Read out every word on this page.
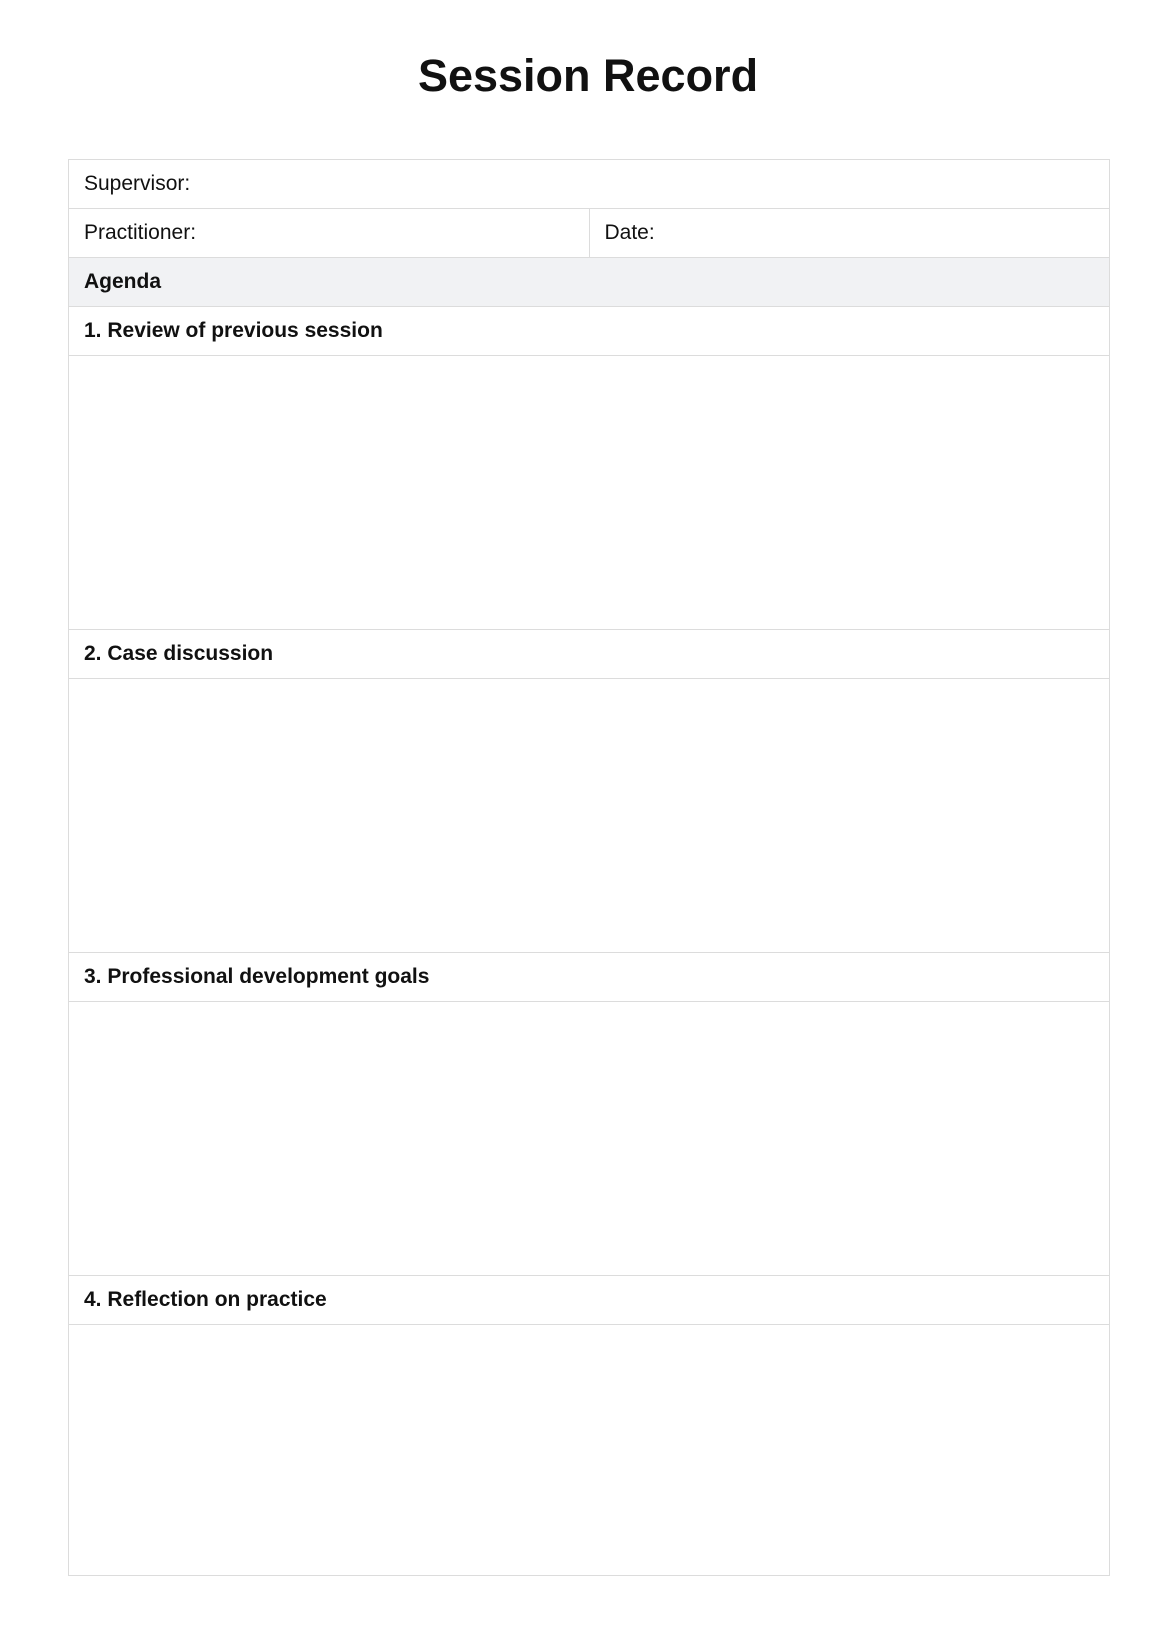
Session Record
Supervisor:
Practitioner:	Date:
Agenda
1. Review of previous session

2. Case discussion

3. Professional development goals

4. Reflection on practice
